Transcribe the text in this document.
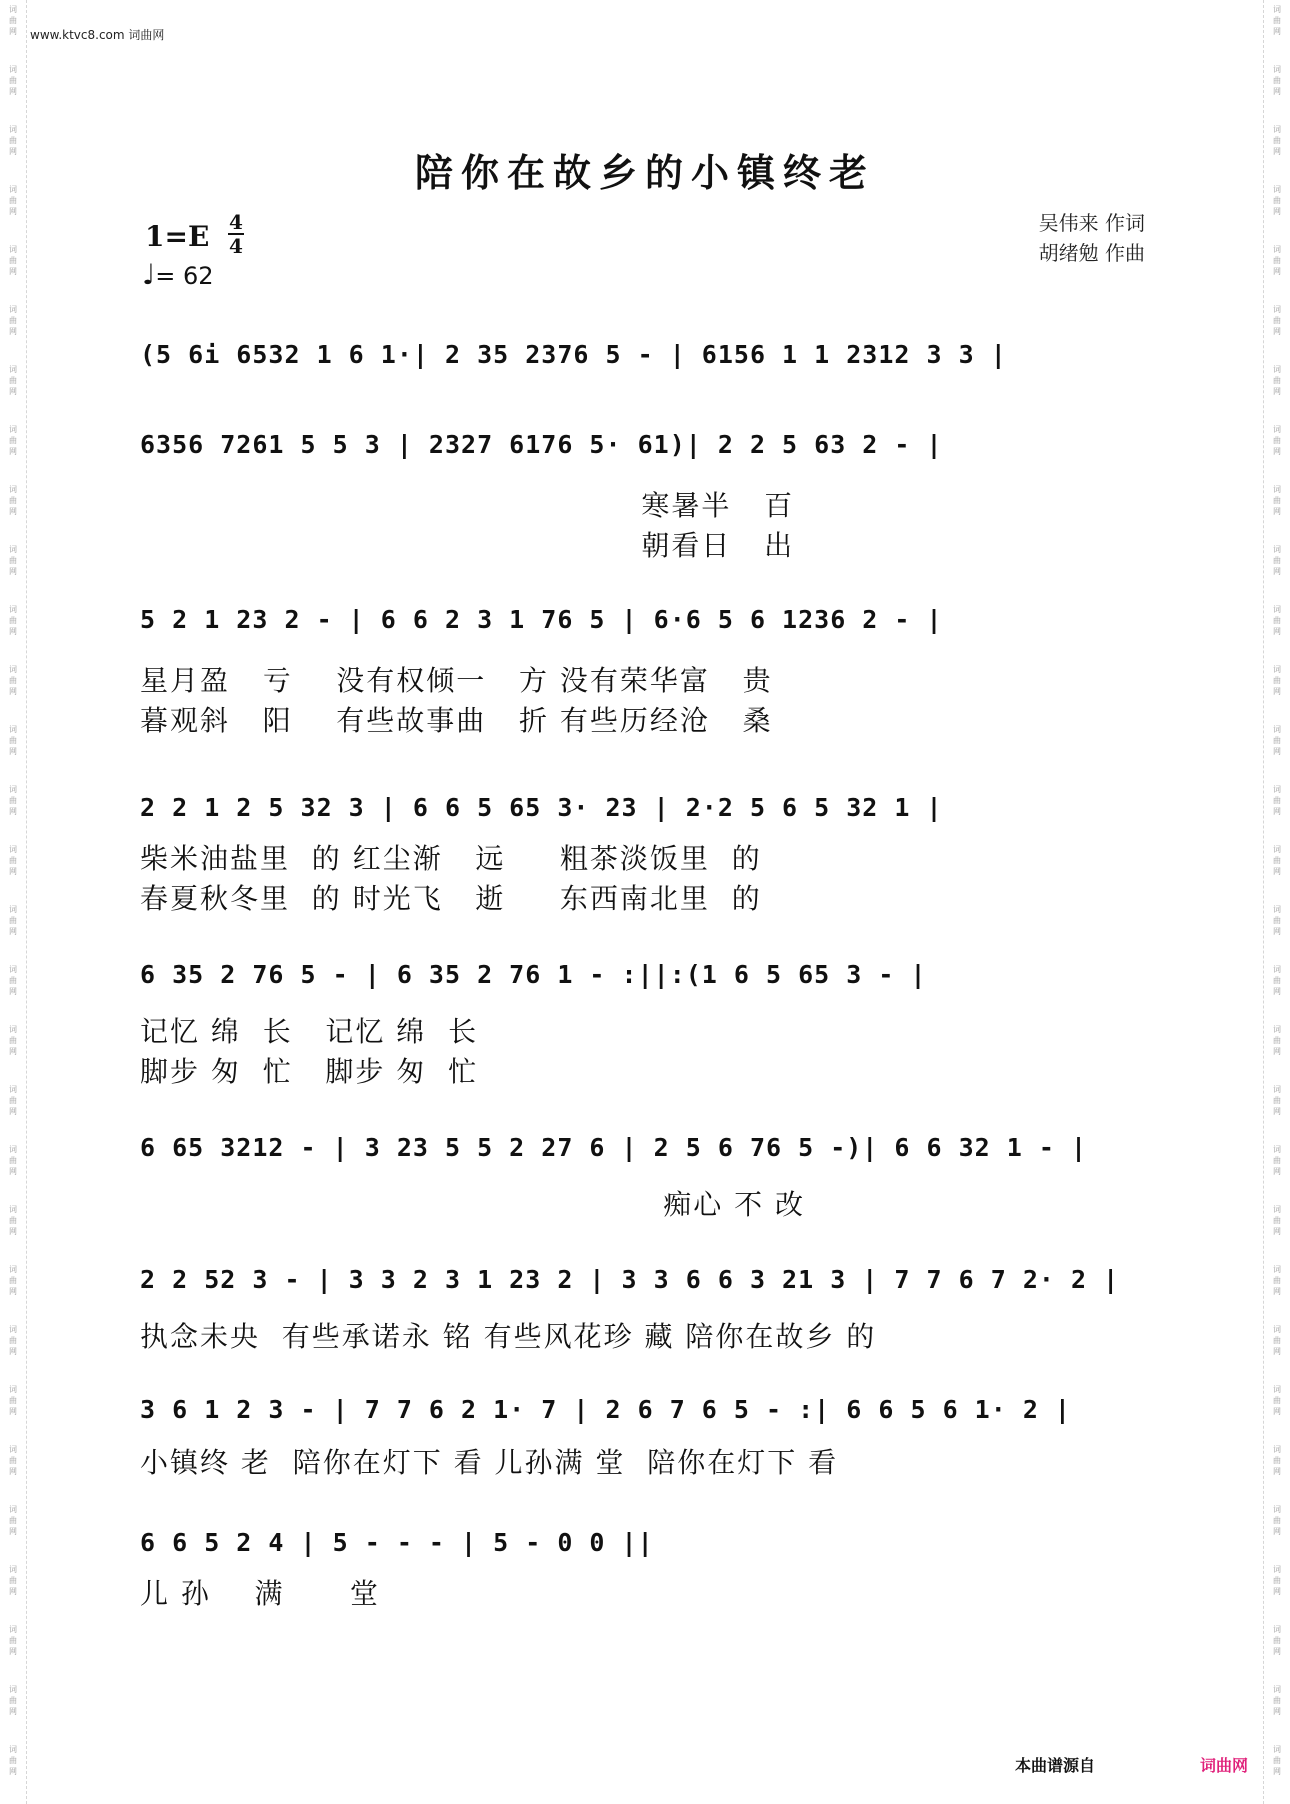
词
曲
网
词
曲
网
词
曲
网
词
曲
网
词
曲
网
词
曲
网
词
曲
网
词
曲
网
词
曲
网
词
曲
网
词
曲
网
词
曲
网
词
曲
网
词
曲
网
词
曲
网
词
曲
网
词
曲
网
词
曲
网
词
曲
网
词
曲
网
词
曲
网
词
曲
网
词
曲
网
词
曲
网
词
曲
网
词
曲
网
词
曲
网
词
曲
网
词
曲
网
词
曲
网
词
曲
网
词
曲
网
词
曲
网
词
曲
网
词
曲
网
词
曲
网
词
曲
网
词
曲
网
词
曲
网
词
曲
网
词
曲
网
词
曲
网
词
曲
网
词
曲
网
词
曲
网
词
曲
网
词
曲
网
词
曲
网
词
曲
网
词
曲
网
词
曲
网
词
曲
网
词
曲
网
词
曲
网
词
曲
网
词
曲
网
词
曲
网
词
曲
网
词
曲
网
词
曲
网
www.ktvc8.com 词曲网
陪你在故乡的小镇终老
1=E 4
4
♩= 62
吴伟来 作词
胡绪勉 作曲
(5 6i 6532 1 6 1·| 2 35 2376 5 - | 6156 1 1 2312 3 3 |
6356 7261 5 5 3 | 2327 6176 5· 61)| 2 2 5 63 2 - |
寒暑半   百
朝看日   出
5 2 1 23 2 - | 6 6 2 3 1 76 5 | 6·6 5 6 1236 2 - |
星月盈   亏    没有权倾一   方 没有荣华富   贵
暮观斜   阳    有些故事曲   折 有些历经沧   桑
2 2 1 2 5 32 3 | 6 6 5 65 3· 23 | 2·2 5 6 5 32 1 |
柴米油盐里  的 红尘渐   远     粗茶淡饭里  的
春夏秋冬里  的 时光飞   逝     东西南北里  的
6 35 2 76 5 - | 6 35 2 76 1 - :||:(1 6 5 65 3 - |
记忆 绵  长   记忆 绵  长
脚步 匆  忙   脚步 匆  忙
6 65 3212 - | 3 23 5 5 2 27 6 | 2 5 6 76 5 -)| 6 6 32 1 - |
痴心 不 改
2 2 52 3 - | 3 3 2 3 1 23 2 | 3 3 6 6 3 21 3 | 7 7 6 7 2· 2 |
执念未央  有些承诺永 铭 有些风花珍 藏 陪你在故乡 的
3 6 1 2 3 - | 7 7 6 2 1· 7 | 2 6 7 6 5 - :| 6 6 5 6 1· 2 |
小镇终 老  陪你在灯下 看 儿孙满 堂  陪你在灯下 看
6 6 5 2 4 | 5 - - - | 5 - 0 0 ||
儿 孙    满      堂
本曲谱源自	词曲网
